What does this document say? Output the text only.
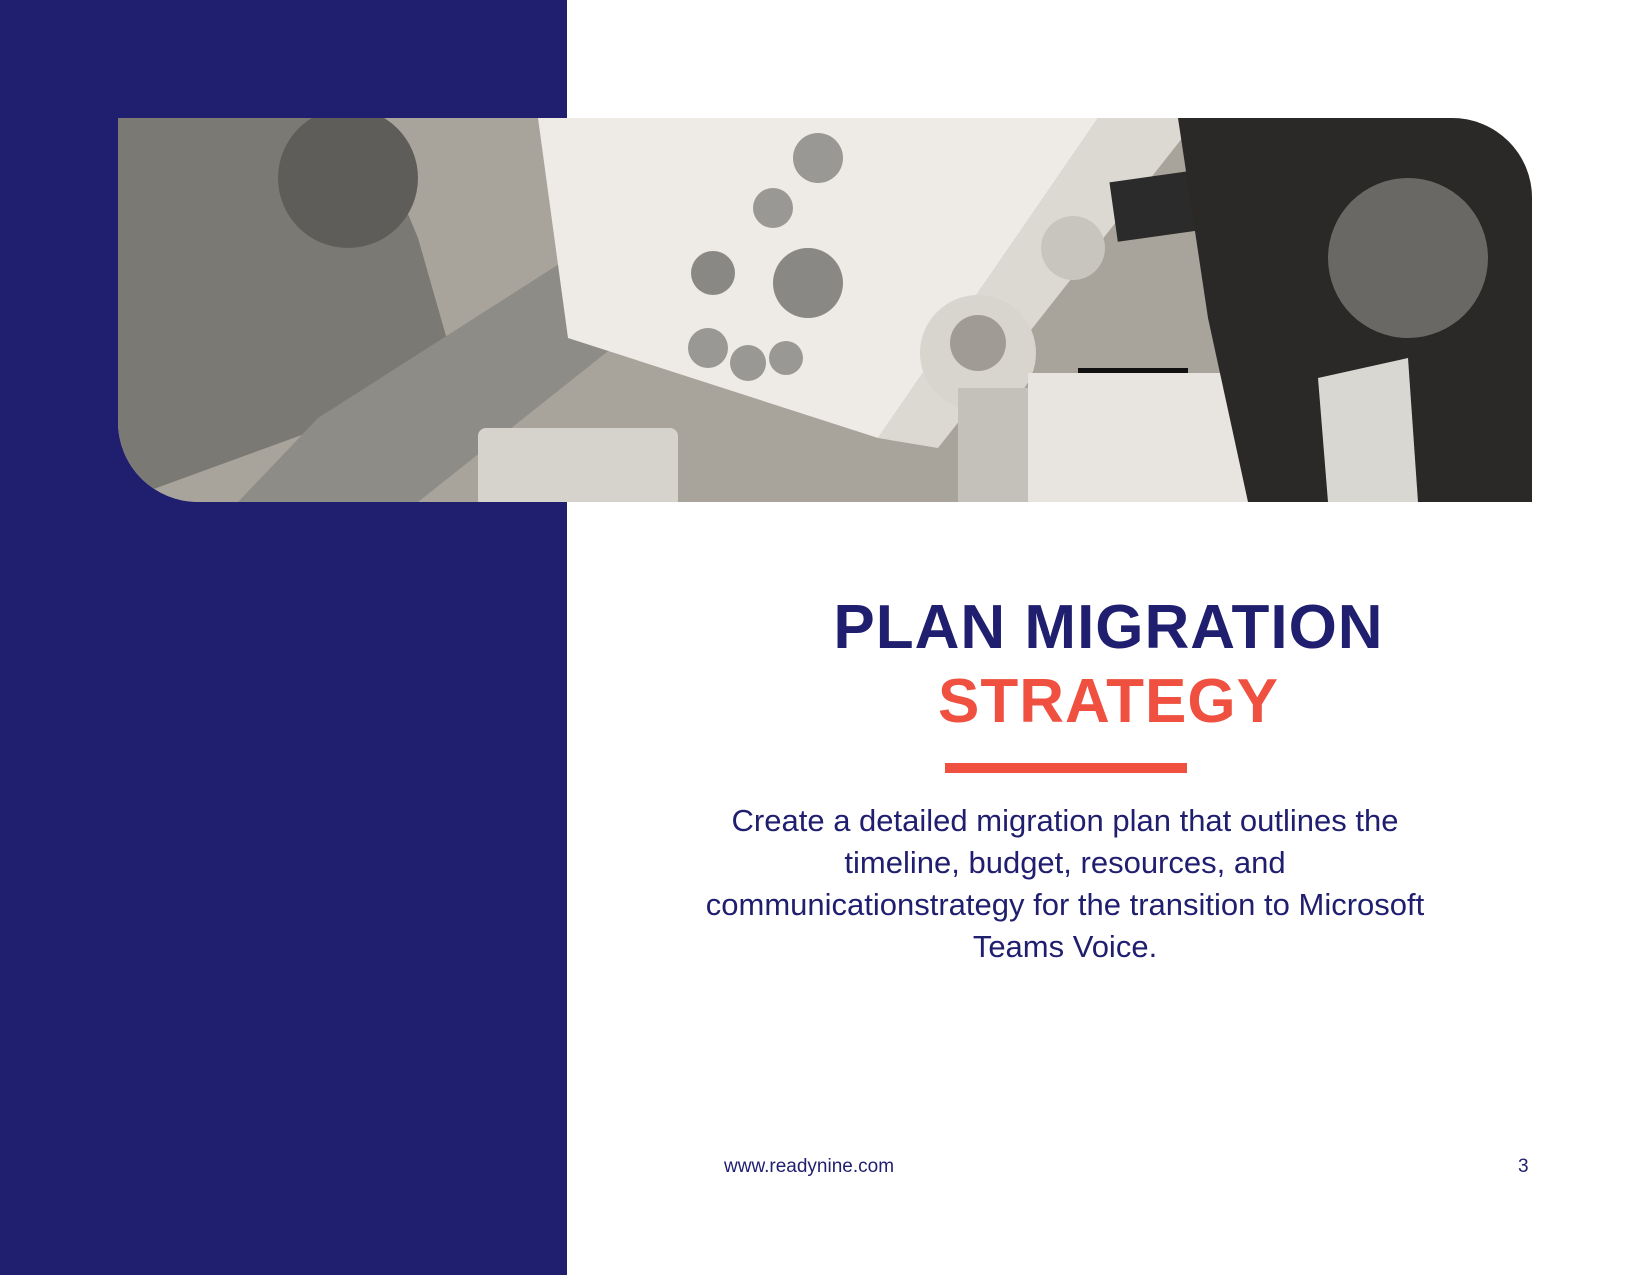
PLAN MIGRATION
STRATEGY

Create a detailed migration plan that outlines the timeline, budget, resources, and communicationstrategy for the transition to Microsoft Teams Voice.

www.readynine.com	3
